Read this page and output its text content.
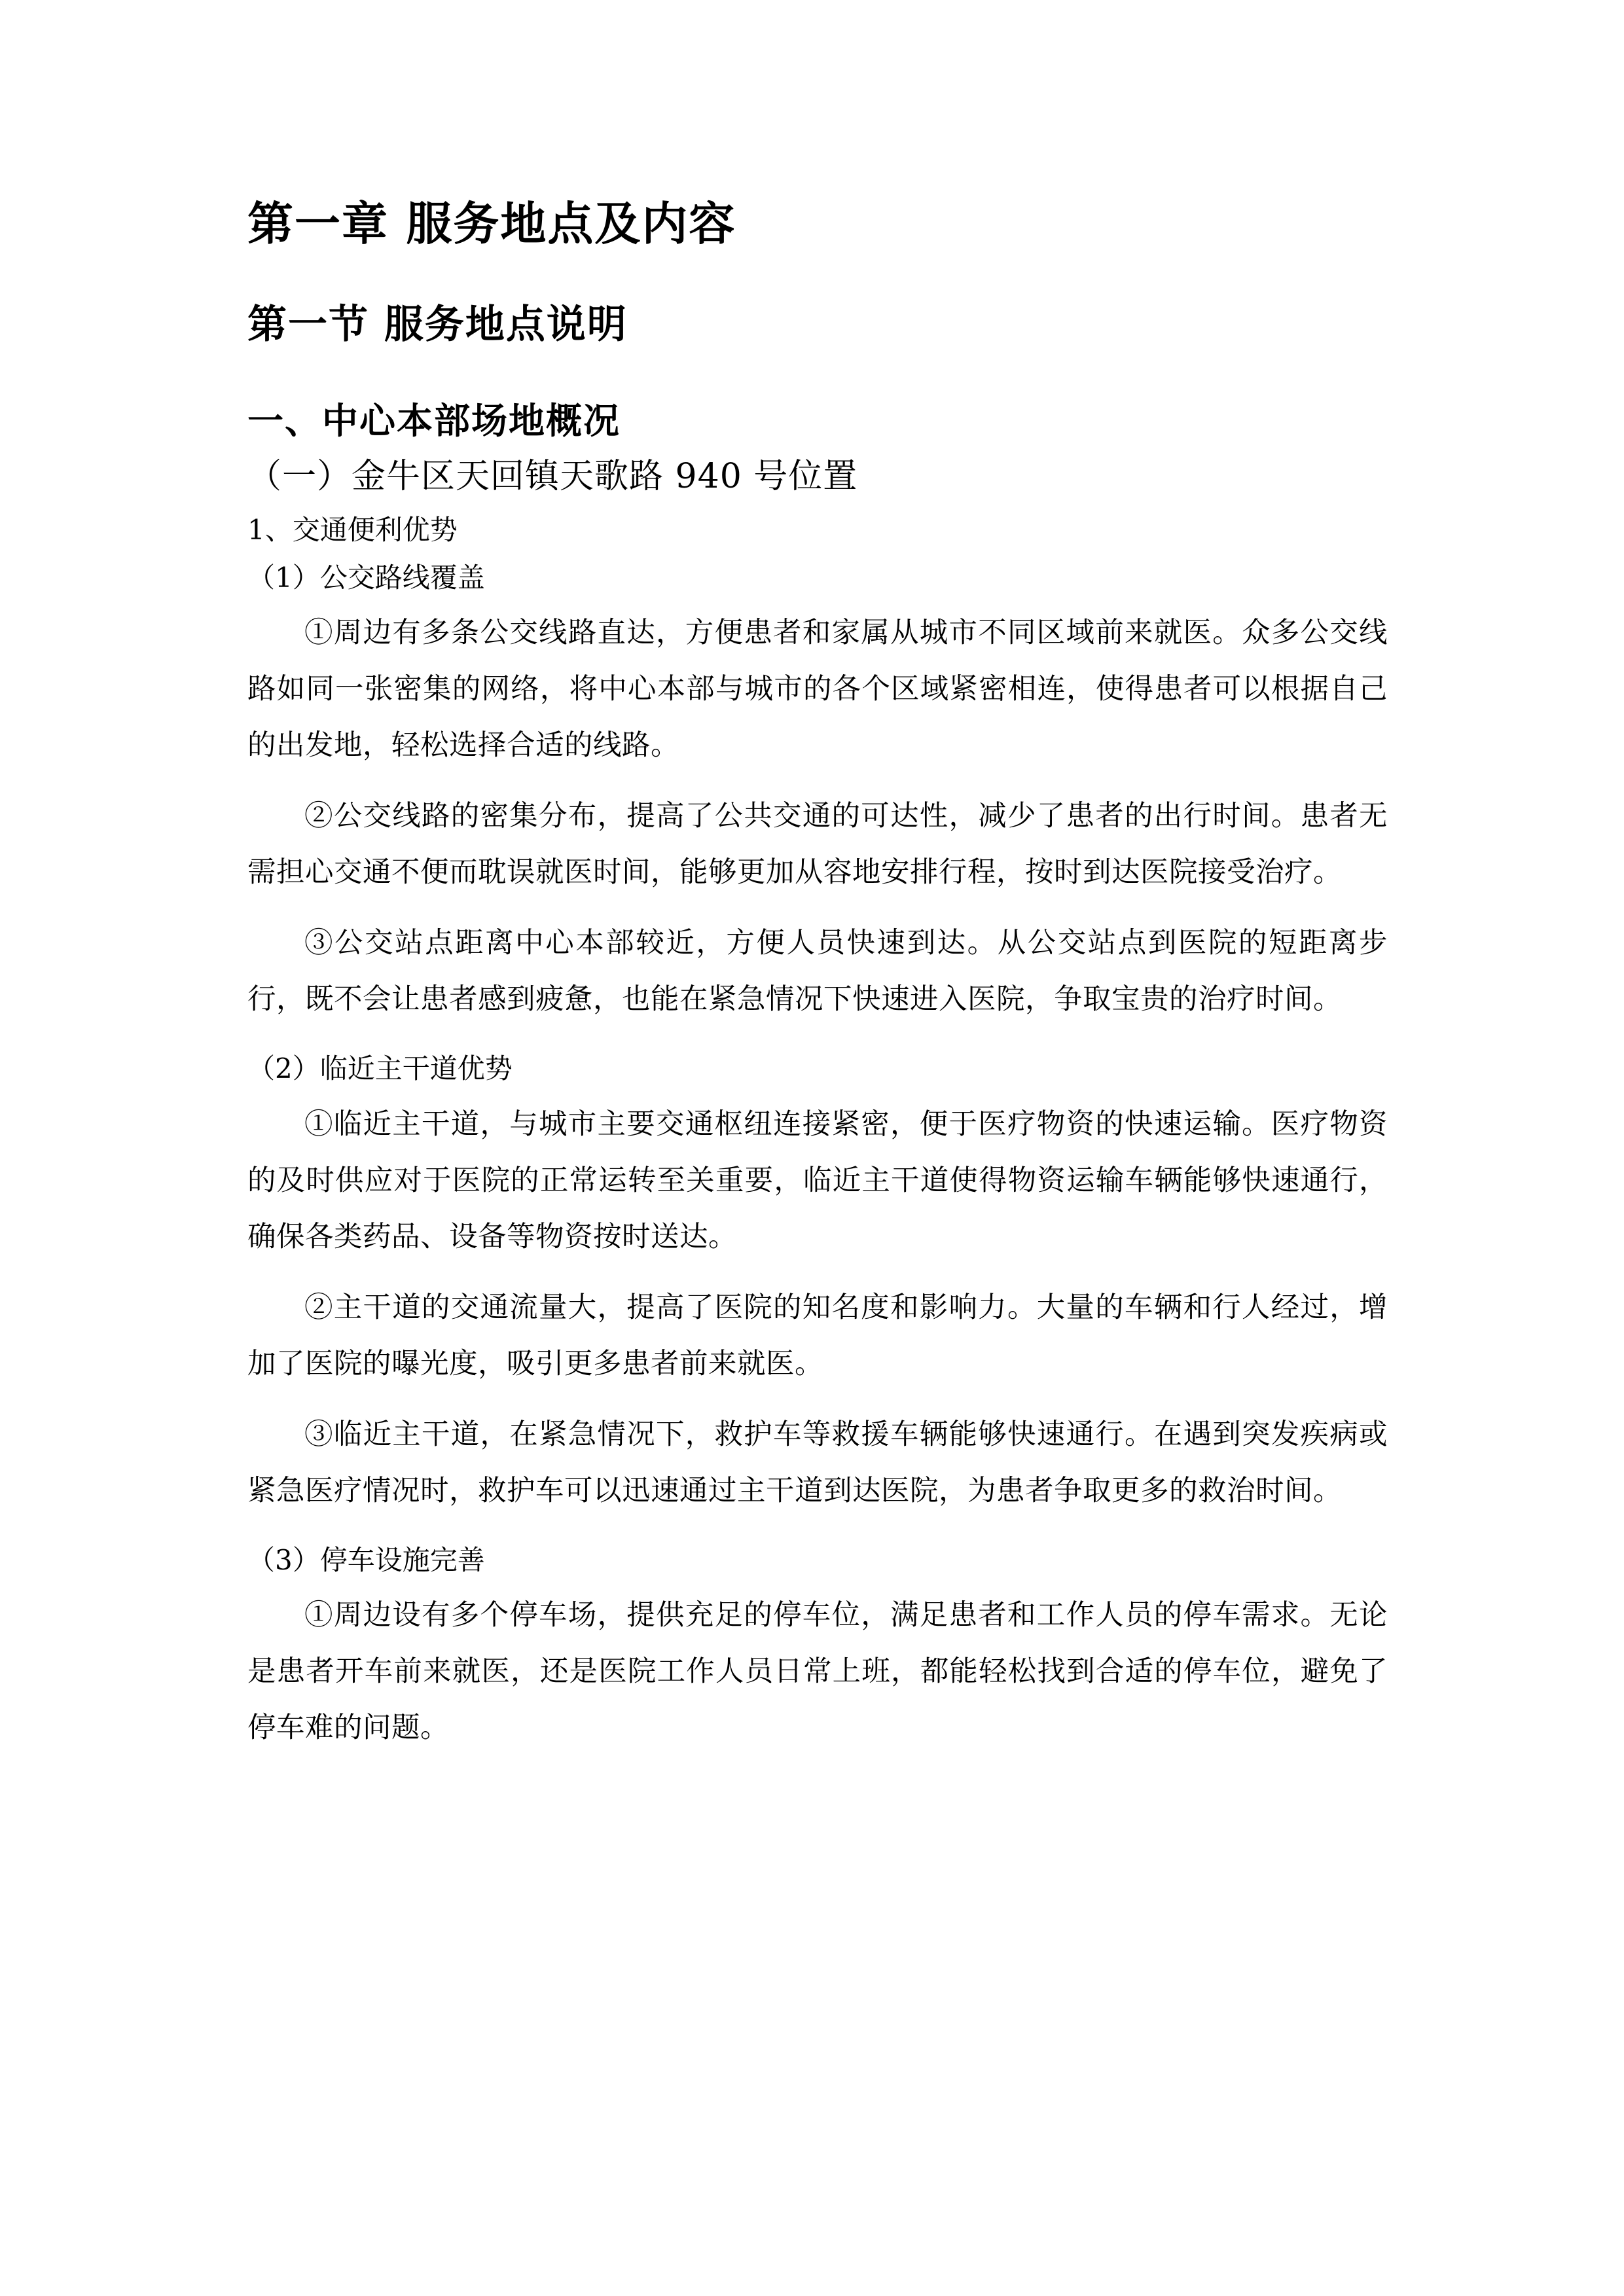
第一章 服务地点及内容
第一节 服务地点说明
一、中心本部场地概况
（一）金牛区天回镇天歌路 940 号位置
1、交通便利优势
（1）公交路线覆盖

①周边有多条公交线路直达，方便患者和家属从城市不同区域前来就医。众多公交线路如同一张密集的网络，将中心本部与城市的各个区域紧密相连，使得患者可以根据自己的出发地，轻松选择合适的线路。

②公交线路的密集分布，提高了公共交通的可达性，减少了患者的出行时间。患者无需担心交通不便而耽误就医时间，能够更加从容地安排行程，按时到达医院接受治疗。

③公交站点距离中心本部较近，方便人员快速到达。从公交站点到医院的短距离步行，既不会让患者感到疲惫，也能在紧急情况下快速进入医院，争取宝贵的治疗时间。

（2）临近主干道优势

①临近主干道，与城市主要交通枢纽连接紧密，便于医疗物资的快速运输。医疗物资的及时供应对于医院的正常运转至关重要，临近主干道使得物资运输车辆能够快速通行，确保各类药品、设备等物资按时送达。

②主干道的交通流量大，提高了医院的知名度和影响力。大量的车辆和行人经过，增加了医院的曝光度，吸引更多患者前来就医。

③临近主干道，在紧急情况下，救护车等救援车辆能够快速通行。在遇到突发疾病或紧急医疗情况时，救护车可以迅速通过主干道到达医院，为患者争取更多的救治时间。

（3）停车设施完善

①周边设有多个停车场，提供充足的停车位，满足患者和工作人员的停车需求。无论是患者开车前来就医，还是医院工作人员日常上班，都能轻松找到合适的停车位，避免了停车难的问题。
